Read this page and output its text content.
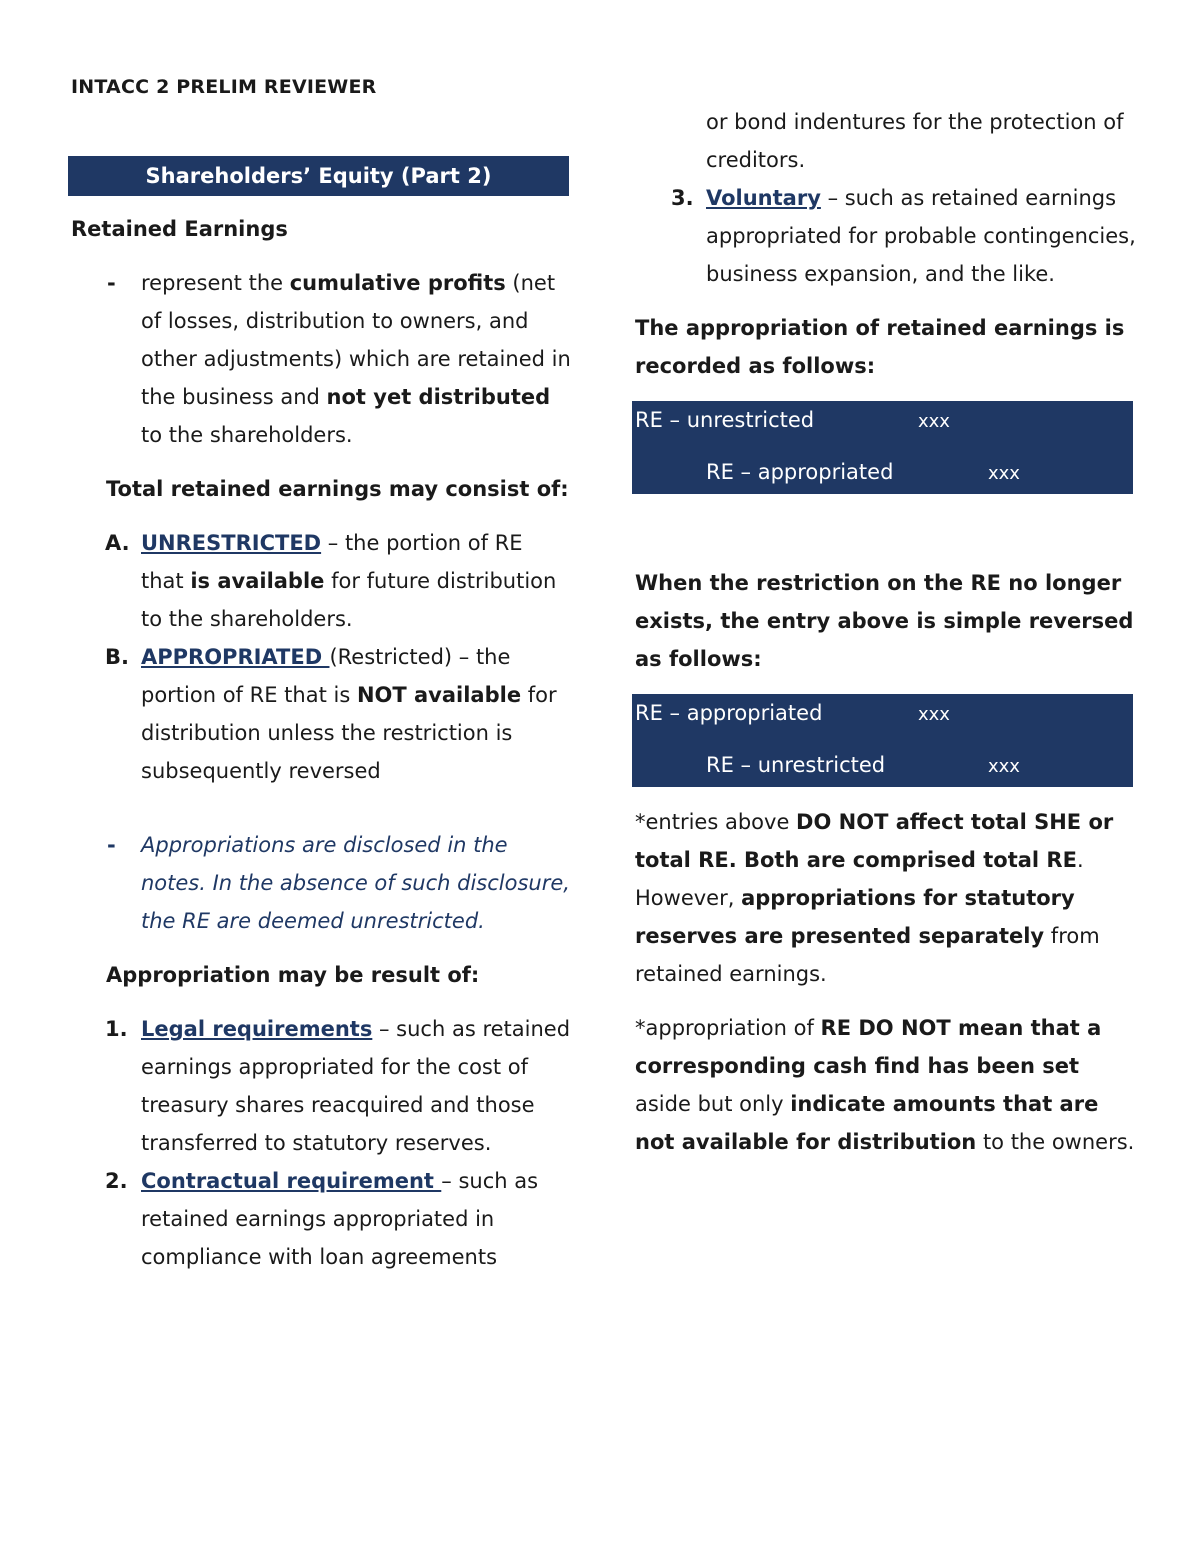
INTACC 2 PRELIM REVIEWER
Shareholders’ Equity (Part 2)

Retained Earnings

- represent the cumulative profits (net of losses, distribution to owners, and other adjustments) which are retained in the business and not yet distributed to the shareholders.

Total retained earnings may consist of:

A. UNRESTRICTED – the portion of RE that is available for future distribution to the shareholders.
B. APPROPRIATED (Restricted) – the portion of RE that is NOT available for distribution unless the restriction is subsequently reversed
- Appropriations are disclosed in the notes. In the absence of such disclosure, the RE are deemed unrestricted.

Appropriation may be result of:

1. Legal requirements – such as retained earnings appropriated for the cost of treasury shares reacquired and those transferred to statutory reserves.
2. Contractual requirement – such as retained earnings appropriated in compliance with loan agreements
or bond indentures for the protection of creditors.
3. Voluntary – such as retained earnings appropriated for probable contingencies, business expansion, and the like.

The appropriation of retained earnings is recorded as follows:

RE – unrestricted	xxx
RE – appropriated	xxx

When the restriction on the RE no longer exists, the entry above is simple reversed as follows:

RE – appropriated	xxx
RE – unrestricted	xxx

*entries above DO NOT affect total SHE or total RE. Both are comprised total RE. However, appropriations for statutory reserves are presented separately from retained earnings.

*appropriation of RE DO NOT mean that a corresponding cash find has been set aside but only indicate amounts that are not available for distribution to the owners.
